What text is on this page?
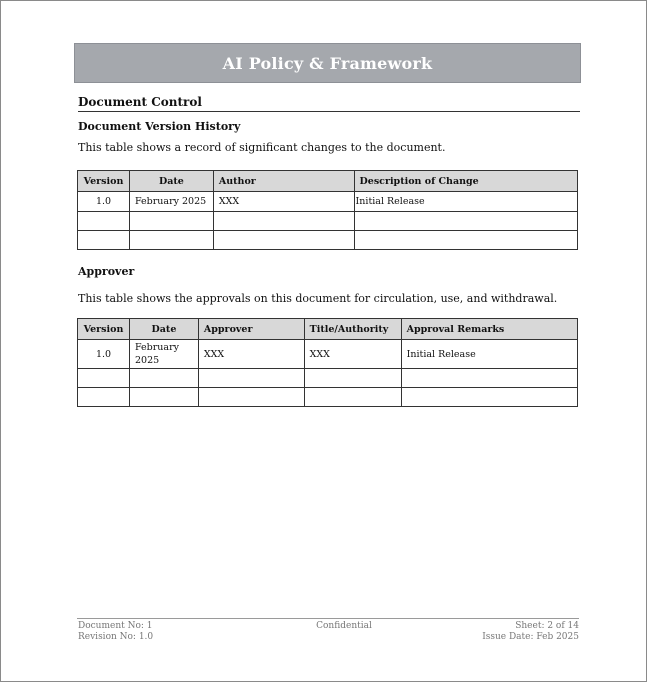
AI Policy & Framework
Document Control
Document Version History
This table shows a record of significant changes to the document.
Version	Date	Author	Description of Change
1.0	February 2025	XXX	Initial Release

Approver
This table shows the approvals on this document for circulation, use, and withdrawal.
Version	Date	Approver	Title/Authority	Approval Remarks
1.0	February 2025	XXX	XXX	Initial Release

Document No: 1
Revision No: 1.0
Confidential	Sheet: 2 of 14
Issue Date: Feb 2025
